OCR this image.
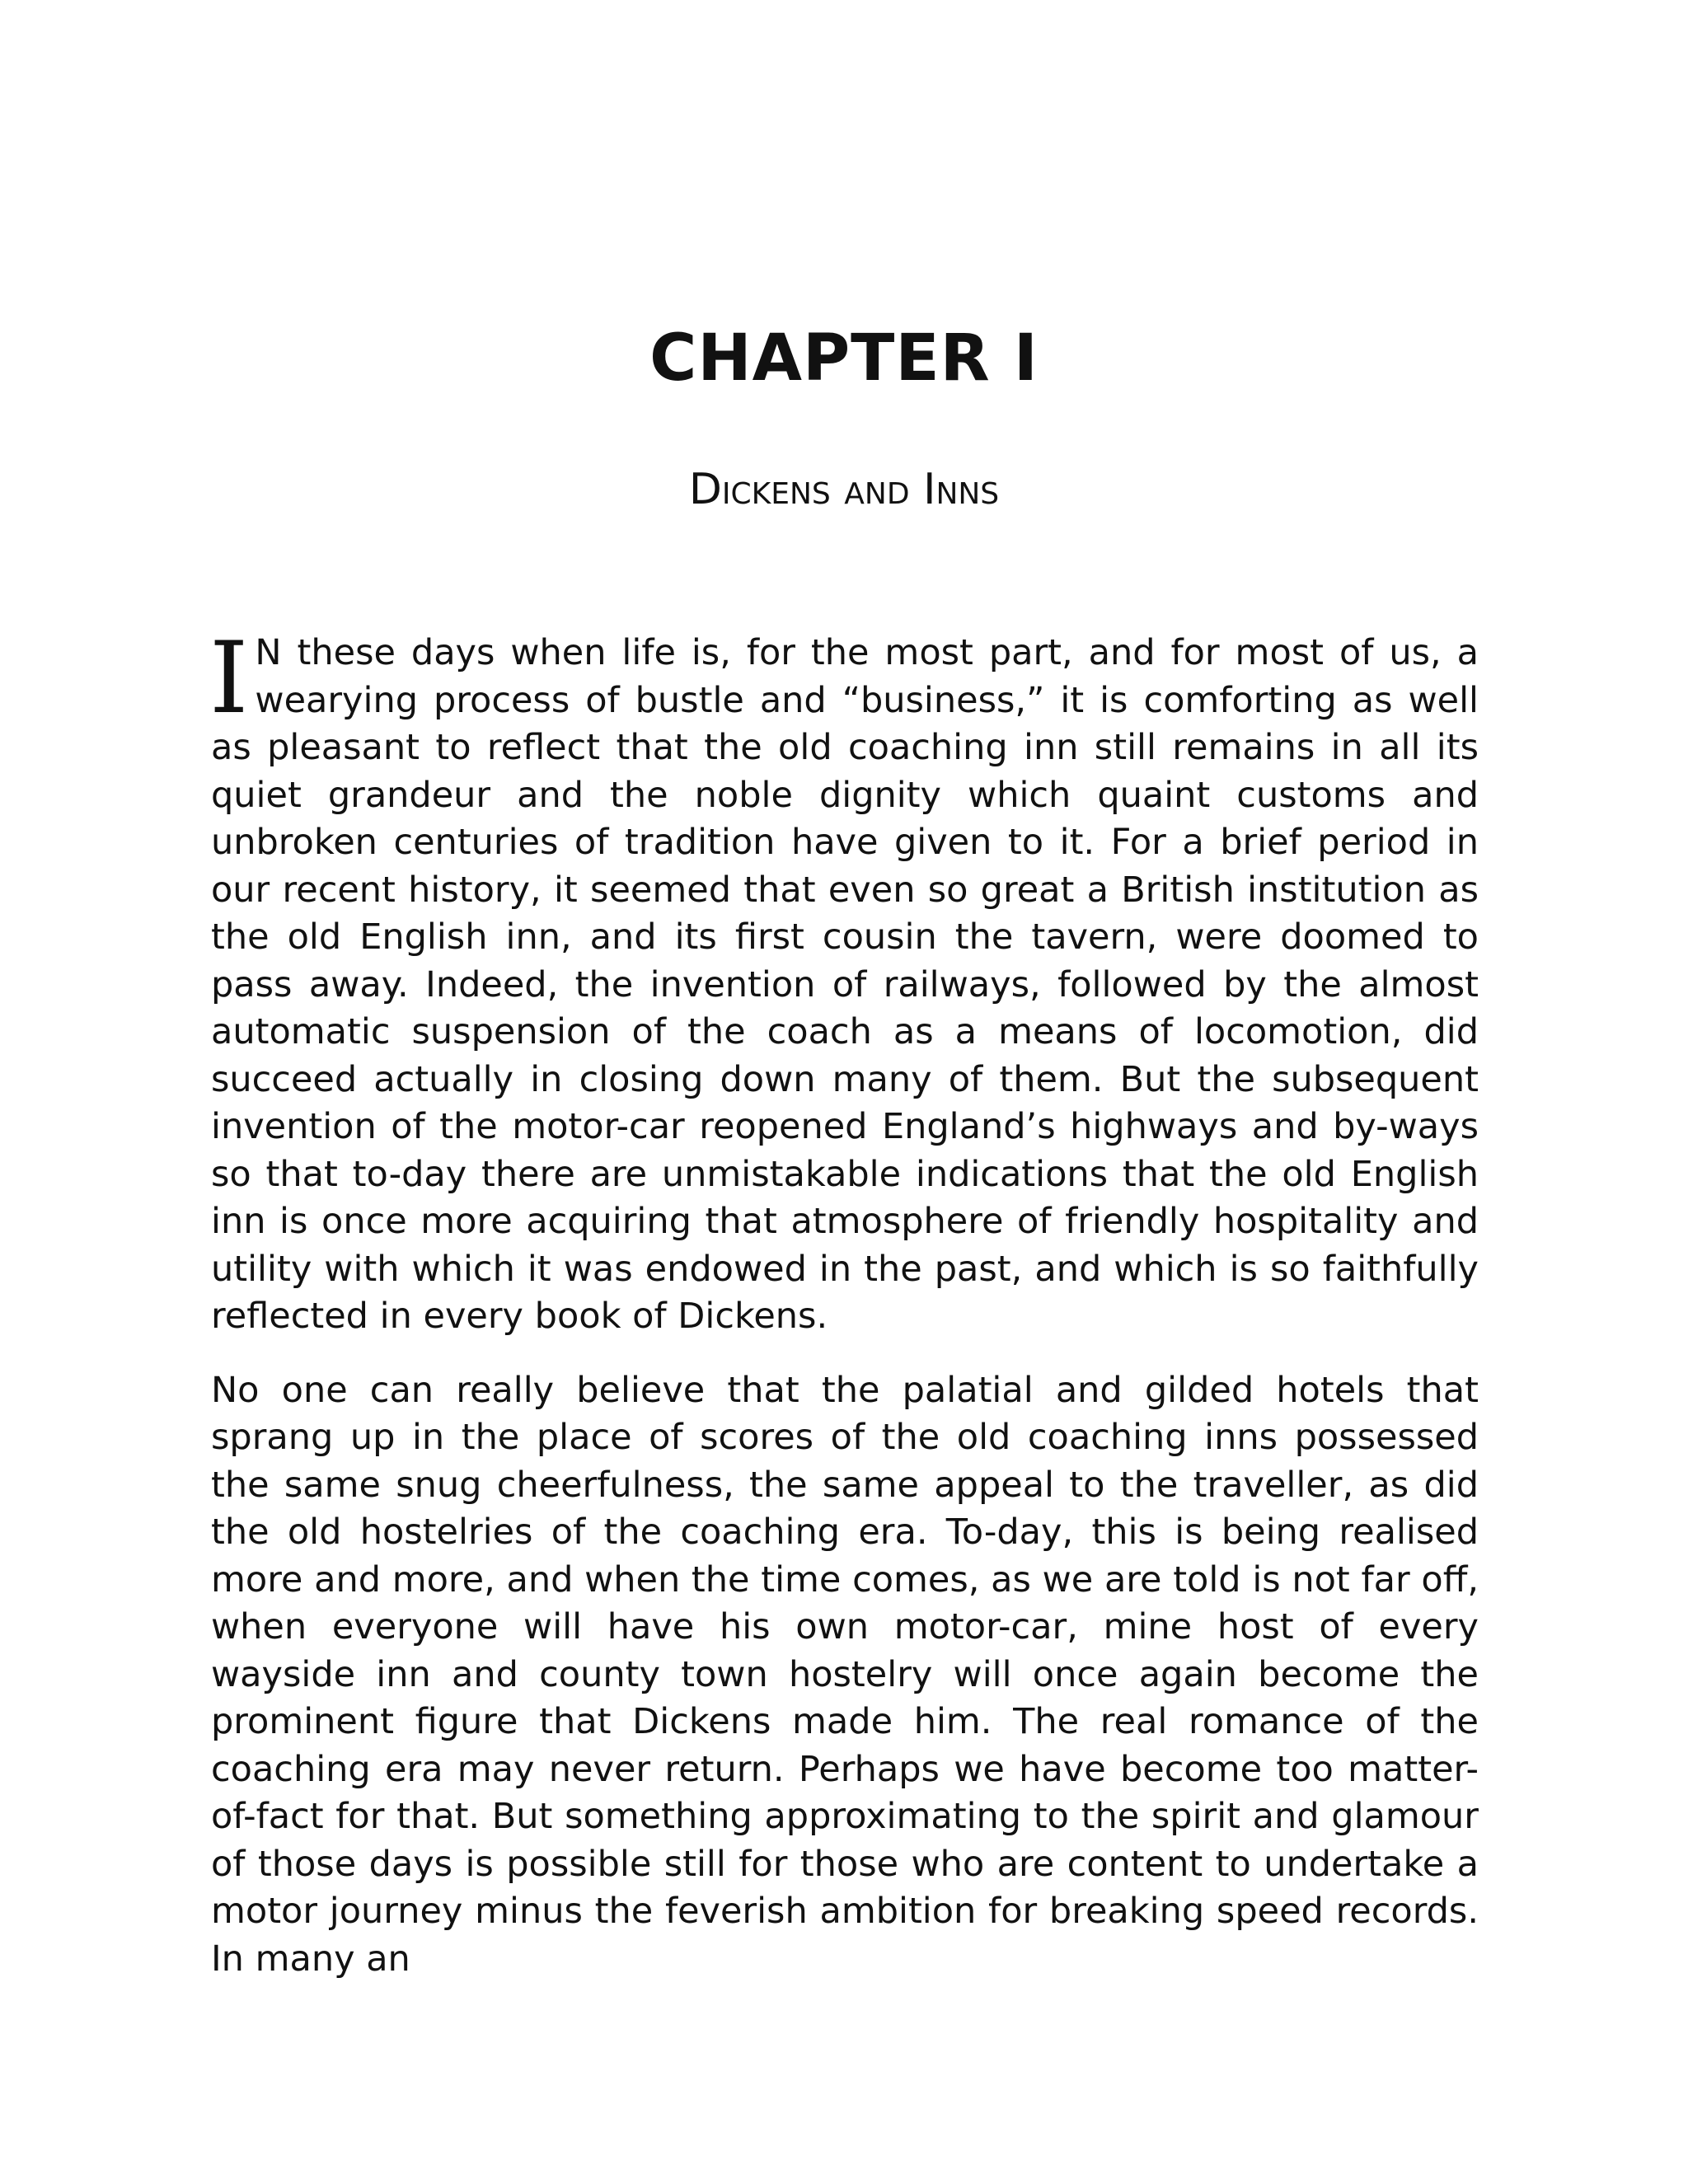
CHAPTER I
Dickens and Inns

I N these days when life is, for the most part, and for most of us, a wearying process of bustle and “business,” it is comforting as well as pleasant to reflect that the old coaching inn still remains in all its quiet grandeur and the noble dignity which quaint customs and unbroken centuries of tradition have given to it. For a brief period in our recent history, it seemed that even so great a British institution as the old English inn, and its first cousin the tavern, were doomed to pass away. Indeed, the invention of railways, followed by the almost automatic suspension of the coach as a means of locomotion, did succeed actually in closing down many of them. But the subsequent invention of the motor-car reopened England’s highways and by-ways so that to-day there are unmistakable indications that the old English inn is once more acquiring that atmosphere of friendly hospitality and utility with which it was endowed in the past, and which is so faithfully reflected in every book of Dickens.

No one can really believe that the palatial and gilded hotels that sprang up in the place of scores of the old coaching inns possessed the same snug cheerfulness, the same appeal to the traveller, as did the old hostelries of the coaching era. To-day, this is being realised more and more, and when the time comes, as we are told is not far off, when everyone will have his own motor-car, mine host of every wayside inn and county town hostelry will once again become the prominent figure that Dickens made him. The real romance of the coaching era may never return. Perhaps we have become too matter-of-fact for that. But something approximating to the spirit and glamour of those days is possible still for those who are content to undertake a motor journey minus the feverish ambition for breaking speed records. In many an
